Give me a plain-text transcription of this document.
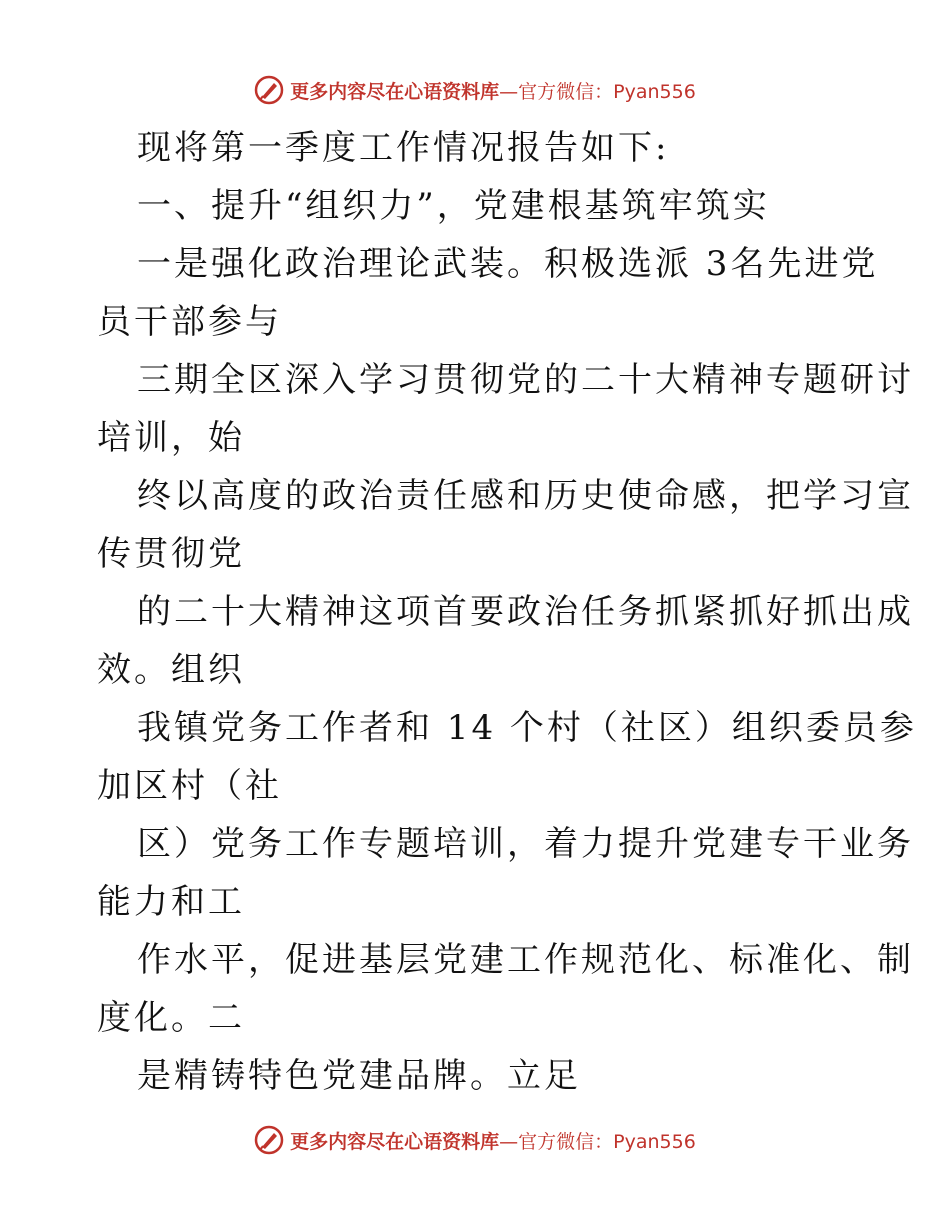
更多内容尽在心语资料库—官方微信：Pyan556
现将第一季度工作情况报告如下:
一、提升“组织力”，党建根基筑牢筑实
一是强化政治理论武装。积极选派 3名先进党
员干部参与
三期全区深入学习贯彻党的二十大精神专题研讨
培训，始
终以高度的政治责任感和历史使命感，把学习宣
传贯彻党
的二十大精神这项首要政治任务抓紧抓好抓出成
效。组织
我镇党务工作者和 14 个村（社区）组织委员参
加区村（社
区）党务工作专题培训，着力提升党建专干业务
能力和工
作水平，促进基层党建工作规范化、标准化、制
度化。二
是精铸特色党建品牌。立足
更多内容尽在心语资料库—官方微信：Pyan556
